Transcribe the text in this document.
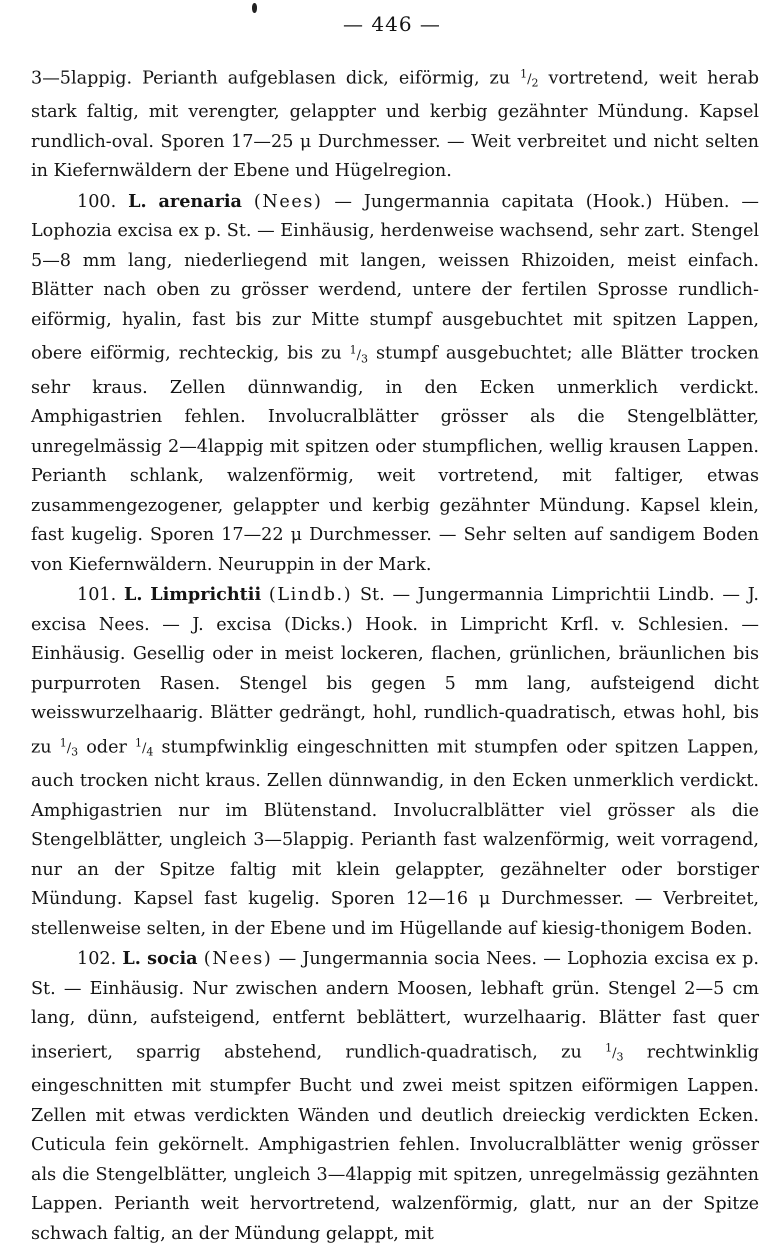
— 446 —

3—5lappig. Perianth aufgeblasen dick, eiförmig, zu $^1/_2$ vortretend, weit herab stark faltig, mit verengter, gelappter und kerbig gezähnter Mündung. Kapsel rundlich-oval. Sporen 17—25 μ Durchmesser. — Weit verbreitet und nicht selten in Kiefernwäldern der Ebene und Hügelregion.

100. L. arenaria (Nees) — Jungermannia capitata (Hook.) Hüben. — Lophozia excisa ex p. St. — Einhäusig, herdenweise wachsend, sehr zart. Stengel 5—8 mm lang, niederliegend mit langen, weissen Rhizoiden, meist einfach. Blätter nach oben zu grösser werdend, untere der fertilen Sprosse rundlich-eiförmig, hyalin, fast bis zur Mitte stumpf ausgebuchtet mit spitzen Lappen, obere eiförmig, rechteckig, bis zu $^1/_3$ stumpf ausgebuchtet; alle Blätter trocken sehr kraus. Zellen dünnwandig, in den Ecken unmerklich verdickt. Amphigastrien fehlen. Involucralblätter grösser als die Stengelblätter, unregelmässig 2—4lappig mit spitzen oder stumpflichen, wellig krausen Lappen. Perianth schlank, walzenförmig, weit vortretend, mit faltiger, etwas zusammengezogener, gelappter und kerbig gezähnter Mündung. Kapsel klein, fast kugelig. Sporen 17—22 μ Durchmesser. — Sehr selten auf sandigem Boden von Kiefernwäldern. Neuruppin in der Mark.

101. L. Limprichtii (Lindb.) St. — Jungermannia Limprichtii Lindb. — J. excisa Nees. — J. excisa (Dicks.) Hook. in Limpricht Krfl. v. Schlesien. — Einhäusig. Gesellig oder in meist lockeren, flachen, grünlichen, bräunlichen bis purpurroten Rasen. Stengel bis gegen 5 mm lang, aufsteigend dicht weisswurzelhaarig. Blätter gedrängt, hohl, rundlich-quadratisch, etwas hohl, bis zu $^1/_3$ oder $^1/_4$ stumpfwinklig eingeschnitten mit stumpfen oder spitzen Lappen, auch trocken nicht kraus. Zellen dünnwandig, in den Ecken unmerklich verdickt. Amphigastrien nur im Blütenstand. Involucralblätter viel grösser als die Stengelblätter, ungleich 3—5lappig. Perianth fast walzenförmig, weit vorragend, nur an der Spitze faltig mit klein gelappter, gezähnelter oder borstiger Mündung. Kapsel fast kugelig. Sporen 12—16 μ Durchmesser. — Verbreitet, stellenweise selten, in der Ebene und im Hügellande auf kiesig-thonigem Boden.

102. L. socia (Nees) — Jungermannia socia Nees. — Lophozia excisa ex p. St. — Einhäusig. Nur zwischen andern Moosen, lebhaft grün. Stengel 2—5 cm lang, dünn, aufsteigend, entfernt beblättert, wurzelhaarig. Blätter fast quer inseriert, sparrig abstehend, rundlich-quadratisch, zu $^1/_3$ rechtwinklig eingeschnitten mit stumpfer Bucht und zwei meist spitzen eiförmigen Lappen. Zellen mit etwas verdickten Wänden und deutlich dreieckig verdickten Ecken. Cuticula fein gekörnelt. Amphigastrien fehlen. Involucralblätter wenig grösser als die Stengelblätter, ungleich 3—4lappig mit spitzen, unregelmässig gezähnten Lappen. Perianth weit hervortretend, walzenförmig, glatt, nur an der Spitze schwach faltig, an der Mündung gelappt, mit
